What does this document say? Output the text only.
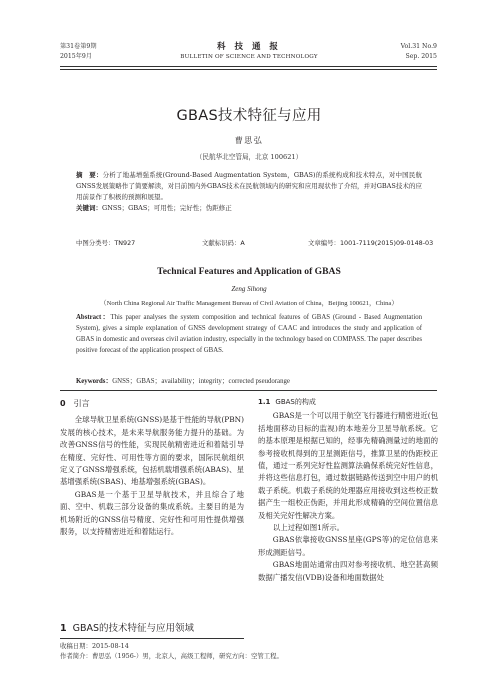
第31卷第9期
2015年9月
科 技 通 报
BULLETIN OF SCIENCE AND TECHNOLOGY
Vol.31 No.9
Sep. 2015
GBAS技术特征与应用
曹思弘
（民航华北空管局，北京 100621）
摘　要：分析了地基增强系统(Ground-Based Augmentation System，GBAS)的系统构成和技术特点，对中国民航GNSS发展策略作了简要解读，对目前国内外GBAS技术在民航领域内的研究和应用现状作了介绍，并对GBAS技术的应用前景作了积极的预测和展望。
关键词：GNSS；GBAS；可用性；完好性；伪距修正
中图分类号：TN927	文献标识码：A	文章编号：1001-7119(2015)09-0148-03
Technical Features and Application of GBAS
Zeng Sihong
（North China Regional Air Traffic Management Bureau of Civil Aviation of China，Beijing 100621，China）
Abstract：This paper analyses the system composition and technical features of GBAS (Ground - Based Augmentation System), gives a simple explanation of GNSS development strategy of CAAC and introduces the study and application of GBAS in domestic and overseas civil aviation industry, especially in the technology based on COMPASS. The paper describes positive forecast of the application prospect of GBAS.
Keywords：GNSS；GBAS；availability；integrity；corrected pseudorange
0 引言

全球导航卫星系统(GNSS)是基于性能的导航(PBN)发展的核心技术，是未来导航服务能力提升的基础。为改善GNSS信号的性能，实现民航精密进近和着陆引导在精度、完好性、可用性等方面的要求，国际民航组织定义了GNSS增强系统，包括机载增强系统(ABAS)、星基增强系统(SBAS)、地基增强系统(GBAS)。

GBAS是一个基于卫星导航技术，并且综合了地面、空中、机载三部分设备的集成系统。主要目的是为机场附近的GNSS信号精度、完好性和可用性提供增强服务，以支持精密进近和着陆运行。

1 GBAS的技术特征与应用领域
收稿日期：2015-08-14
作者简介：曹思弘（1956-）男，北京人，高级工程师，研究方向：空管工程。
1.1 GBAS的构成

GBAS是一个可以用于航空飞行器进行精密进近(包括地面移动目标的监视)的本地差分卫星导航系统。它的基本原理是根据已知的，经事先精确测量过的地面的参考接收机得到的卫星测距信号，推算卫星的伪距校正值，通过一系列完好性监测算法确保系统完好性信息，并将这些信息打包，通过数据链路传送到空中用户的机载子系统。机载子系统的处理器应用接收到这些校正数据产生一组校正伪距，并用此形成精确的空间位置信息及相关完好性解决方案。

以上过程如图1所示。

GBAS依靠接收GNSS星座(GPS等)的定位信息来形成测距信号。

GBAS地面站通常由四对参考接收机、地空甚高频数据广播发信(VDB)设备和地面数据处
